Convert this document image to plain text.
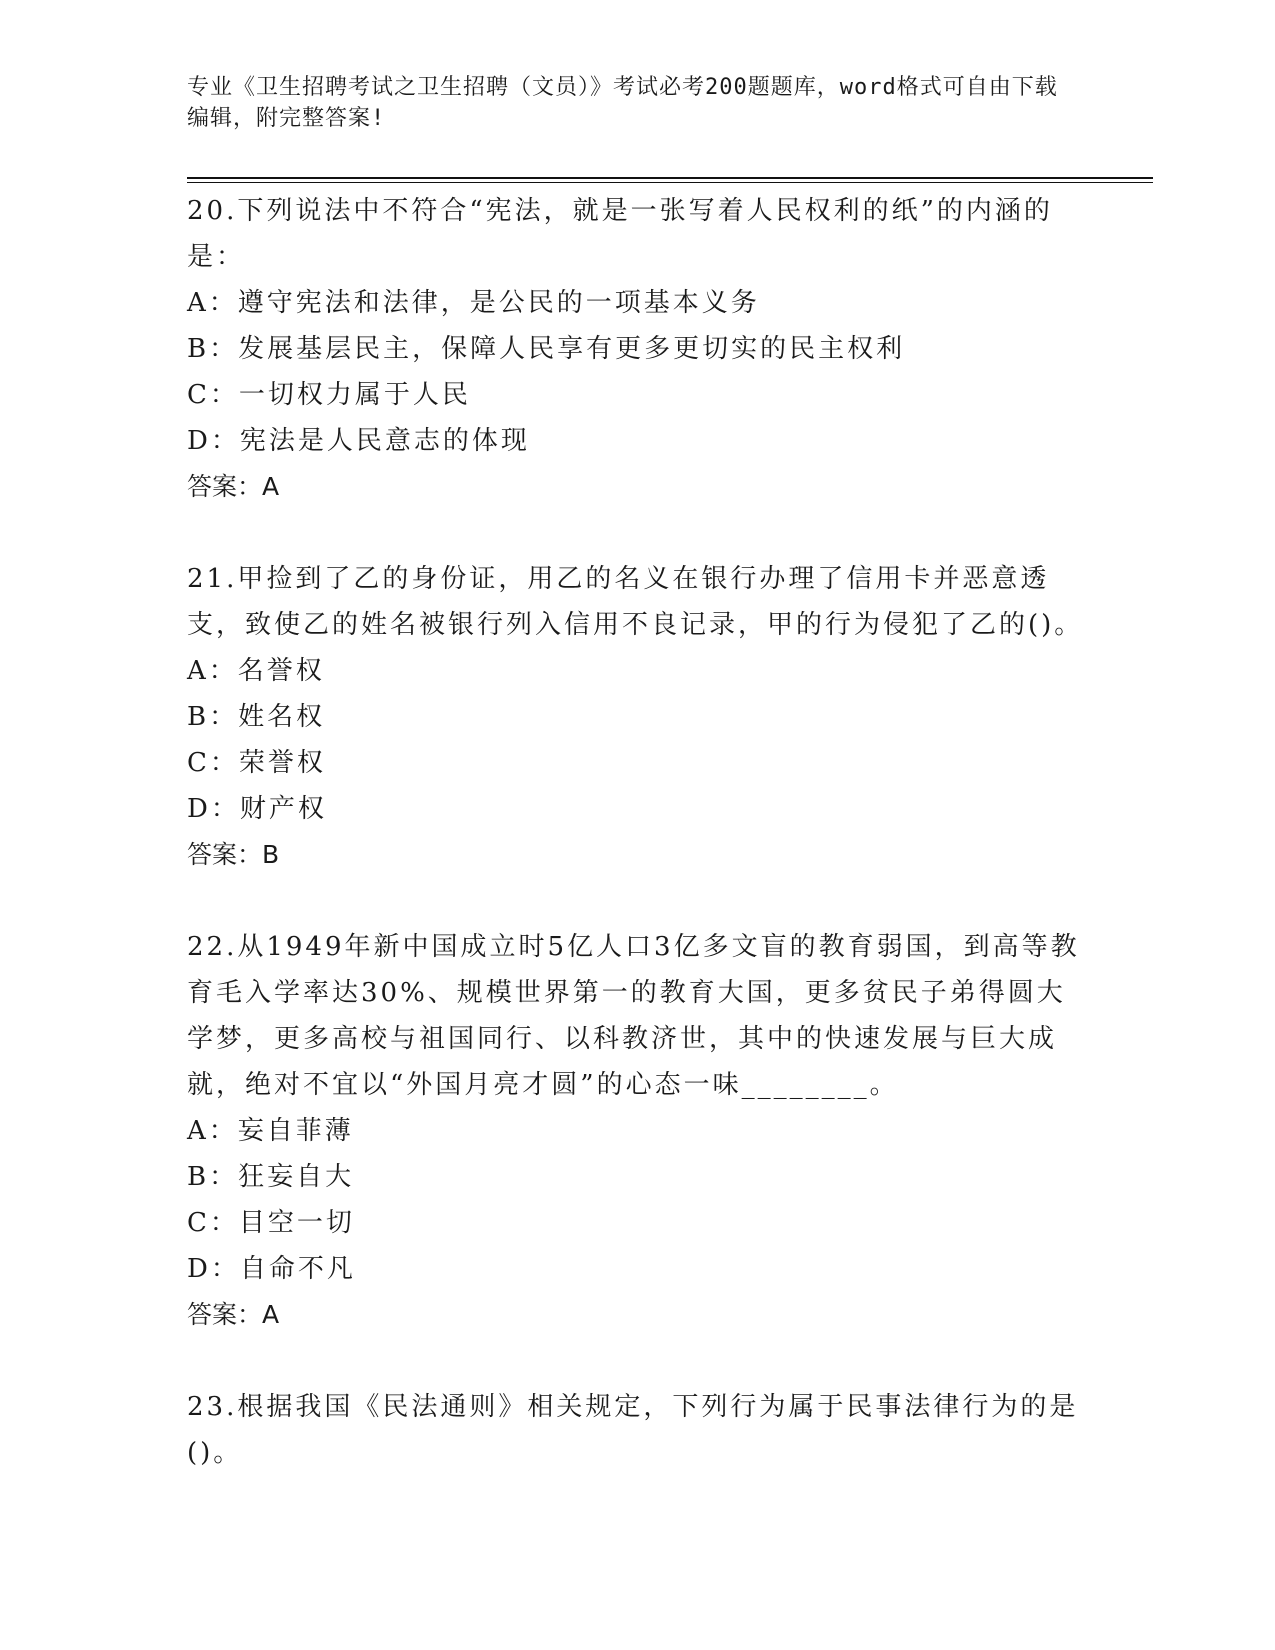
专业《卫生招聘考试之卫生招聘（文员）》考试必考200题题库，word格式可自由下载编辑，附完整答案!

20.下列说法中不符合“宪法，就是一张写着人民权利的纸”的内涵的是：

A：遵守宪法和法律，是公民的一项基本义务

B：发展基层民主，保障人民享有更多更切实的民主权利

C：一切权力属于人民

D：宪法是人民意志的体现

答案：A

21.甲捡到了乙的身份证，用乙的名义在银行办理了信用卡并恶意透支，致使乙的姓名被银行列入信用不良记录，甲的行为侵犯了乙的()。

A：名誉权

B：姓名权

C：荣誉权

D：财产权

答案：B

22.从1949年新中国成立时5亿人口3亿多文盲的教育弱国，到高等教育毛入学率达30%、规模世界第一的教育大国，更多贫民子弟得圆大学梦，更多高校与祖国同行、以科教济世，其中的快速发展与巨大成就，绝对不宜以“外国月亮才圆”的心态一味________。

A：妄自菲薄

B：狂妄自大

C：目空一切

D：自命不凡

答案：A

23.根据我国《民法通则》相关规定，下列行为属于民事法律行为的是()。
